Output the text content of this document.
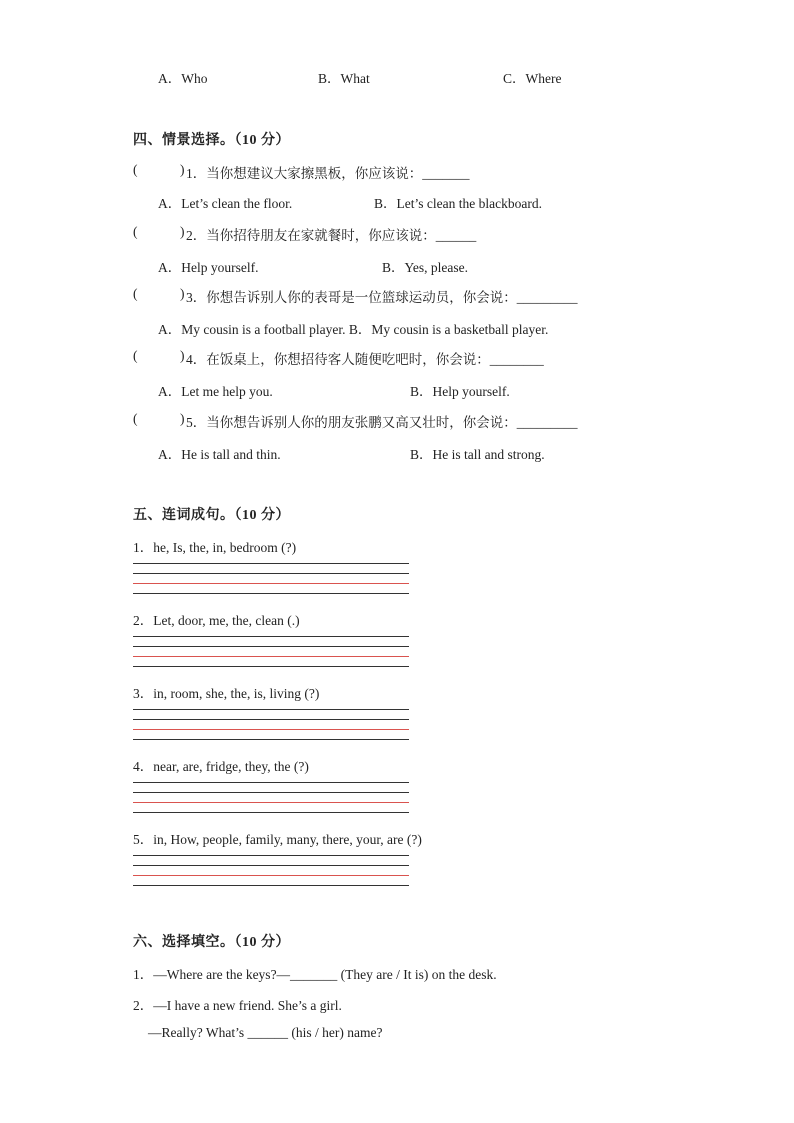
A．Who	B．What	C．Where
四、情景选择。（10 分）
(	) 1．当你想建议大家擦黑板，你应该说：_______
A．Let’s clean the floor.	B．Let’s clean the blackboard.
(	) 2．当你招待朋友在家就餐时，你应该说：______
A．Help yourself.	B．Yes, please.
(	) 3．你想告诉别人你的表哥是一位篮球运动员，你会说：_________
A．My cousin is a football player. B．My cousin is a basketball player.
(	) 4．在饭桌上，你想招待客人随便吃吧时，你会说：________
A．Let me help you.	B．Help yourself.
(	) 5．当你想告诉别人你的朋友张鹏又高又壮时，你会说：_________
A．He is tall and thin.	B．He is tall and strong.
五、连词成句。（10 分）
1．he, Is, the, in, bedroom (?)
2．Let, door, me, the, clean (.)
3．in, room, she, the, is, living (?)
4．near, are, fridge, they, the (?)
5．in, How, people, family, many, there, your, are (?)
六、选择填空。（10 分）
1．—Where are the keys?—_______ (They are / It is) on the desk.
2．—I have a new friend. She’s a girl.
—Really? What’s ______ (his / her) name?
